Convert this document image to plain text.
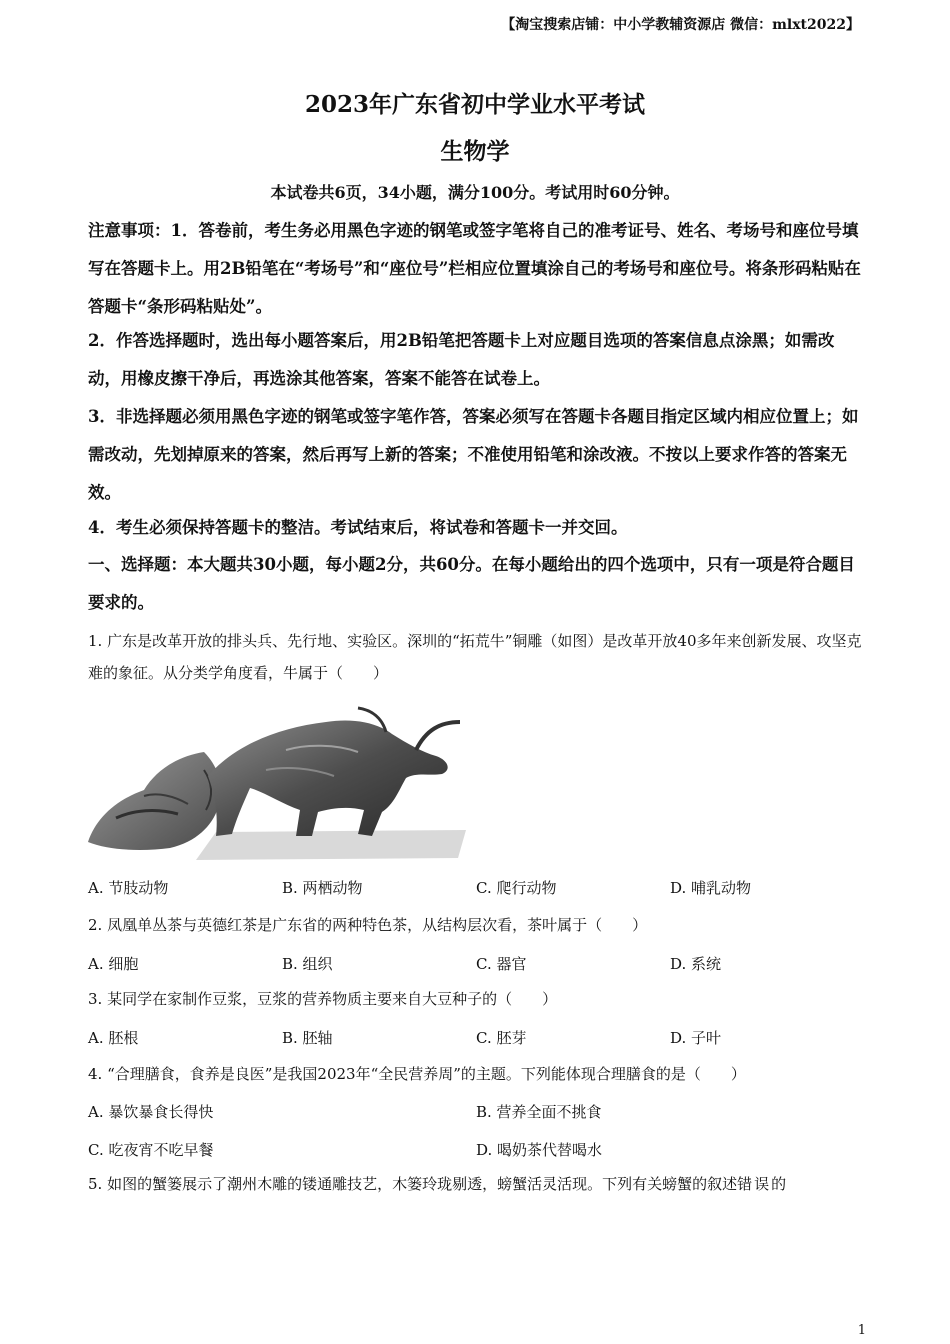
【淘宝搜索店铺：中小学教辅资源店 微信：mlxt2022】
2023年广东省初中学业水平考试
生物学
本试卷共6页，34小题，满分100分。考试用时60分钟。
注意事项：1．答卷前，考生务必用黑色字迹的钢笔或签字笔将自己的准考证号、姓名、考场号和座位号填写在答题卡上。用2B铅笔在“考场号”和“座位号”栏相应位置填涂自己的考场号和座位号。将条形码粘贴在答题卡“条形码粘贴处”。
2．作答选择题时，选出每小题答案后，用2B铅笔把答题卡上对应题目选项的答案信息点涂黑；如需改动，用橡皮擦干净后，再选涂其他答案，答案不能答在试卷上。
3．非选择题必须用黑色字迹的钢笔或签字笔作答，答案必须写在答题卡各题目指定区域内相应位置上；如需改动，先划掉原来的答案，然后再写上新的答案；不准使用铅笔和涂改液。不按以上要求作答的答案无效。
4．考生必须保持答题卡的整洁。考试结束后，将试卷和答题卡一并交回。
一、选择题：本大题共30小题，每小题2分，共60分。在每小题给出的四个选项中，只有一项是符合题目要求的。
1. 广东是改革开放的排头兵、先行地、实验区。深圳的“拓荒牛”铜雕（如图）是改革开放40多年来创新发展、攻坚克难的象征。从分类学角度看，牛属于（　　）
A. 节肢动物	B. 两栖动物	C. 爬行动物	D. 哺乳动物
2. 凤凰单丛茶与英德红茶是广东省的两种特色茶，从结构层次看，茶叶属于（　　）
A. 细胞	B. 组织	C. 器官	D. 系统
3. 某同学在家制作豆浆，豆浆的营养物质主要来自大豆种子的（　　）
A. 胚根	B. 胚轴	C. 胚芽	D. 子叶
4. “合理膳食，食养是良医”是我国2023年“全民营养周”的主题。下列能体现合理膳食的是（　　）
A. 暴饮暴食长得快	B. 营养全面不挑食
C. 吃夜宵不吃早餐	D. 喝奶茶代替喝水
5. 如图的蟹篓展示了潮州木雕的镂通雕技艺，木篓玲珑剔透，螃蟹活灵活现。下列有关螃蟹的叙述错误的
1
